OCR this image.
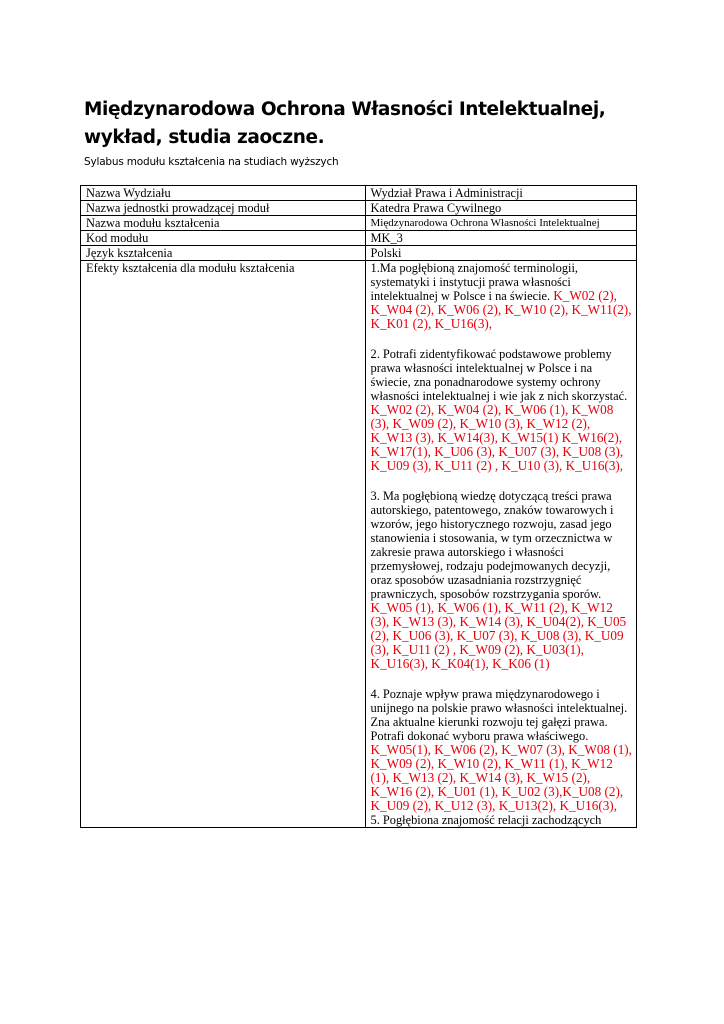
Międzynarodowa Ochrona Własności Intelektualnej, wykład, studia zaoczne.

Sylabus modułu kształcenia na studiach wyższych

Nazwa Wydziału	Wydział Prawa i Administracji
Nazwa jednostki prowadzącej moduł	Katedra Prawa Cywilnego
Nazwa modułu kształcenia	Międzynarodowa Ochrona Własności Intelektualnej
Kod modułu	MK_3
Język kształcenia	Polski
Efekty kształcenia dla modułu kształcenia	1.Ma pogłębioną znajomość terminologii, systematyki i instytucji prawa własności intelektualnej w Polsce i na świecie. K_W02 (2), K_W04 (2), K_W06 (2), K_W10 (2), K_W11(2), K_K01 (2), K_U16(3),

2. Potrafi zidentyfikować podstawowe problemy prawa własności intelektualnej w Polsce i na świecie, zna ponadnarodowe systemy ochrony własności intelektualnej i wie jak z nich skorzystać. K_W02 (2), K_W04 (2), K_W06 (1), K_W08 (3), K_W09 (2), K_W10 (3), K_W12 (2), K_W13 (3), K_W14(3), K_W15(1) K_W16(2), K_W17(1), K_U06 (3), K_U07 (3), K_U08 (3), K_U09 (3), K_U11 (2) , K_U10 (3), K_U16(3),

3. Ma pogłębioną wiedzę dotyczącą treści prawa autorskiego, patentowego, znaków towarowych i wzorów, jego historycznego rozwoju, zasad jego stanowienia i stosowania, w tym orzecznictwa w zakresie prawa autorskiego i własności przemysłowej, rodzaju podejmowanych decyzji, oraz sposobów uzasadniania rozstrzygnięć prawniczych, sposobów rozstrzygania sporów. K_W05 (1), K_W06 (1), K_W11 (2), K_W12 (3), K_W13 (3), K_W14 (3), K_U04(2), K_U05 (2), K_U06 (3), K_U07 (3), K_U08 (3), K_U09 (3), K_U11 (2) , K_W09 (2), K_U03(1), K_U16(3), K_K04(1), K_K06 (1)

4. Poznaje wpływ prawa międzynarodowego i unijnego na polskie prawo własności intelektualnej. Zna aktualne kierunki rozwoju tej gałęzi prawa. Potrafi dokonać wyboru prawa właściwego. K_W05(1), K_W06 (2), K_W07 (3), K_W08 (1), K_W09 (2), K_W10 (2), K_W11 (1), K_W12 (1), K_W13 (2), K_W14 (3), K_W15 (2), K_W16 (2), K_U01 (1), K_U02 (3),K_U08 (2), K_U09 (2), K_U12 (3), K_U13(2), K_U16(3),

5. Pogłębiona znajomość relacji zachodzących
